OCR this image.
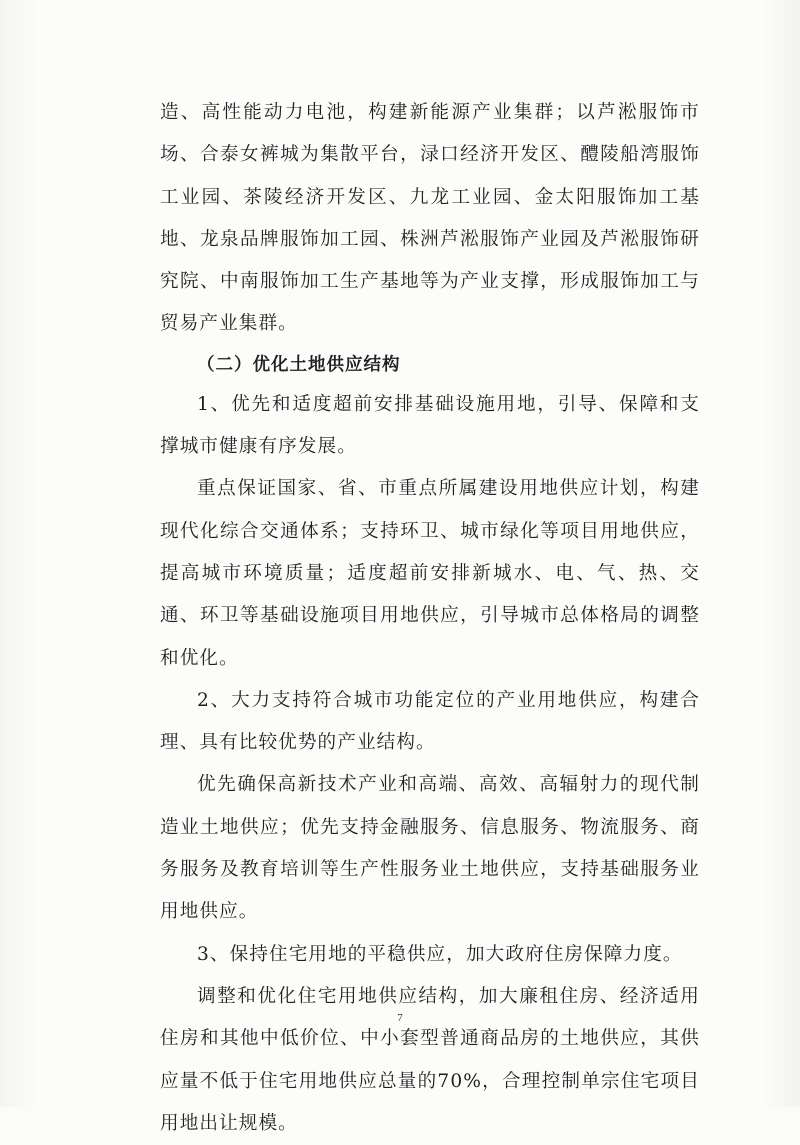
造、高性能动力电池，构建新能源产业集群；以芦淞服饰市场、合泰女裤城为集散平台，渌口经济开发区、醴陵船湾服饰工业园、茶陵经济开发区、九龙工业园、金太阳服饰加工基地、龙泉品牌服饰加工园、株洲芦淞服饰产业园及芦淞服饰研究院、中南服饰加工生产基地等为产业支撑，形成服饰加工与贸易产业集群。

（二）优化土地供应结构

1、优先和适度超前安排基础设施用地，引导、保障和支撑城市健康有序发展。

重点保证国家、省、市重点所属建设用地供应计划，构建现代化综合交通体系；支持环卫、城市绿化等项目用地供应，提高城市环境质量；适度超前安排新城水、电、气、热、交通、环卫等基础设施项目用地供应，引导城市总体格局的调整和优化。

2、大力支持符合城市功能定位的产业用地供应，构建合理、具有比较优势的产业结构。

优先确保高新技术产业和高端、高效、高辐射力的现代制造业土地供应；优先支持金融服务、信息服务、物流服务、商务服务及教育培训等生产性服务业土地供应，支持基础服务业用地供应。

3、保持住宅用地的平稳供应，加大政府住房保障力度。

调整和优化住宅用地供应结构，加大廉租住房、经济适用住房和其他中低价位、中小套型普通商品房的土地供应，其供应量不低于住宅用地供应总量的70%，合理控制单宗住宅项目用地出让规模。

7
